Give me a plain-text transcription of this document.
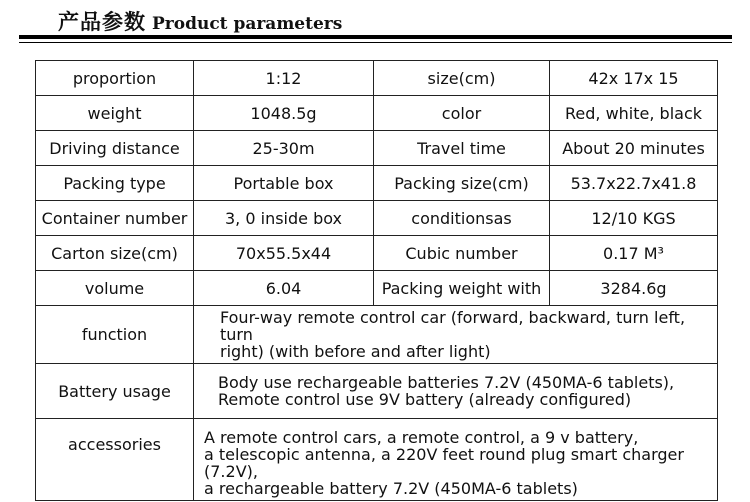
产品参数 Product parameters
proportion	1:12	size(cm)	42x 17x 15
weight	1048.5g	color	Red, white, black
Driving distance	25-30m	Travel time	About 20 minutes
Packing type	Portable box	Packing size(cm)	53.7x22.7x41.8
Container number	3, 0 inside box	conditionsas	12/10 KGS
Carton size(cm)	70x55.5x44	Cubic number	0.17 M³
volume	6.04	Packing weight with	3284.6g
function	Four-way remote control car (forward, backward, turn left, turn
right) (with before and after light)		

Battery usage	Body use rechargeable batteries 7.2V (450MA-6 tablets),
Remote control use 9V battery (already configured)		

accessories	A remote control cars, a remote control, a 9 v battery,
a telescopic antenna, a 220V feet round plug smart charger (7.2V),
a rechargeable battery 7.2V (450MA-6 tablets)		
